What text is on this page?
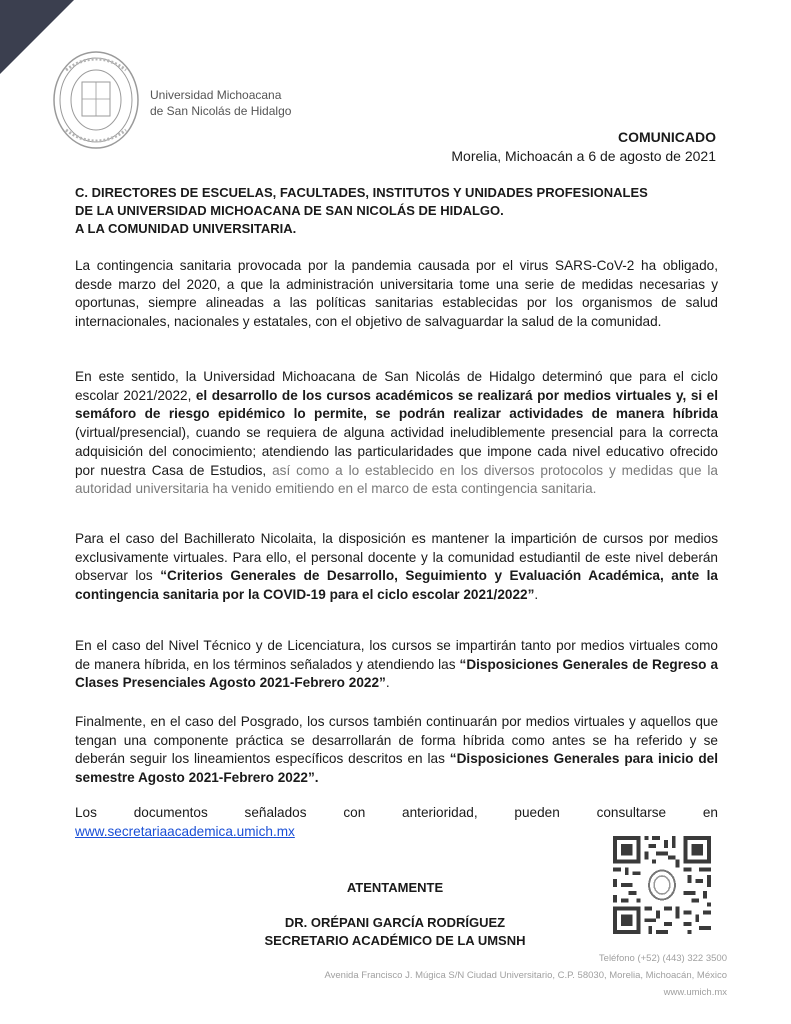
Universidad Michoacana
de San Nicolás de Hidalgo
COMUNICADO
Morelia, Michoacán a 6 de agosto de 2021
C. DIRECTORES DE ESCUELAS, FACULTADES, INSTITUTOS Y UNIDADES PROFESIONALES
DE LA UNIVERSIDAD MICHOACANA DE SAN NICOLÁS DE HIDALGO.
A LA COMUNIDAD UNIVERSITARIA.
La contingencia sanitaria provocada por la pandemia causada por el virus SARS-CoV-2 ha obligado, desde marzo del 2020, a que la administración universitaria tome una serie de medidas necesarias y oportunas, siempre alineadas a las políticas sanitarias establecidas por los organismos de salud internacionales, nacionales y estatales, con el objetivo de salvaguardar la salud de la comunidad.
En este sentido, la Universidad Michoacana de San Nicolás de Hidalgo determinó que para el ciclo escolar 2021/2022, el desarrollo de los cursos académicos se realizará por medios virtuales y, si el semáforo de riesgo epidémico lo permite, se podrán realizar actividades de manera híbrida (virtual/presencial), cuando se requiera de alguna actividad ineludiblemente presencial para la correcta adquisición del conocimiento; atendiendo las particularidades que impone cada nivel educativo ofrecido por nuestra Casa de Estudios, así como a lo establecido en los diversos protocolos y medidas que la autoridad universitaria ha venido emitiendo en el marco de esta contingencia sanitaria.
Para el caso del Bachillerato Nicolaita, la disposición es mantener la impartición de cursos por medios exclusivamente virtuales. Para ello, el personal docente y la comunidad estudiantil de este nivel deberán observar los “Criterios Generales de Desarrollo, Seguimiento y Evaluación Académica, ante la contingencia sanitaria por la COVID-19 para el ciclo escolar 2021/2022”.
En el caso del Nivel Técnico y de Licenciatura, los cursos se impartirán tanto por medios virtuales como de manera híbrida, en los términos señalados y atendiendo las “Disposiciones Generales de Regreso a Clases Presenciales Agosto 2021-Febrero 2022”.
Finalmente, en el caso del Posgrado, los cursos también continuarán por medios virtuales y aquellos que tengan una componente práctica se desarrollarán de forma híbrida como antes se ha referido y se deberán seguir los lineamientos específicos descritos en las “Disposiciones Generales para inicio del semestre Agosto 2021-Febrero 2022”.
Los documentos señalados con anterioridad, pueden consultarse en
www.secretariaacademica.umich.mx
ATENTAMENTE
DR. ORÉPANI GARCÍA RODRÍGUEZ
SECRETARIO ACADÉMICO DE LA UMSNH
Teléfono (+52) (443) 322 3500
Avenida Francisco J. Múgica S/N Ciudad Universitario, C.P. 58030, Morelia, Michoacán, México
www.umich.mx
